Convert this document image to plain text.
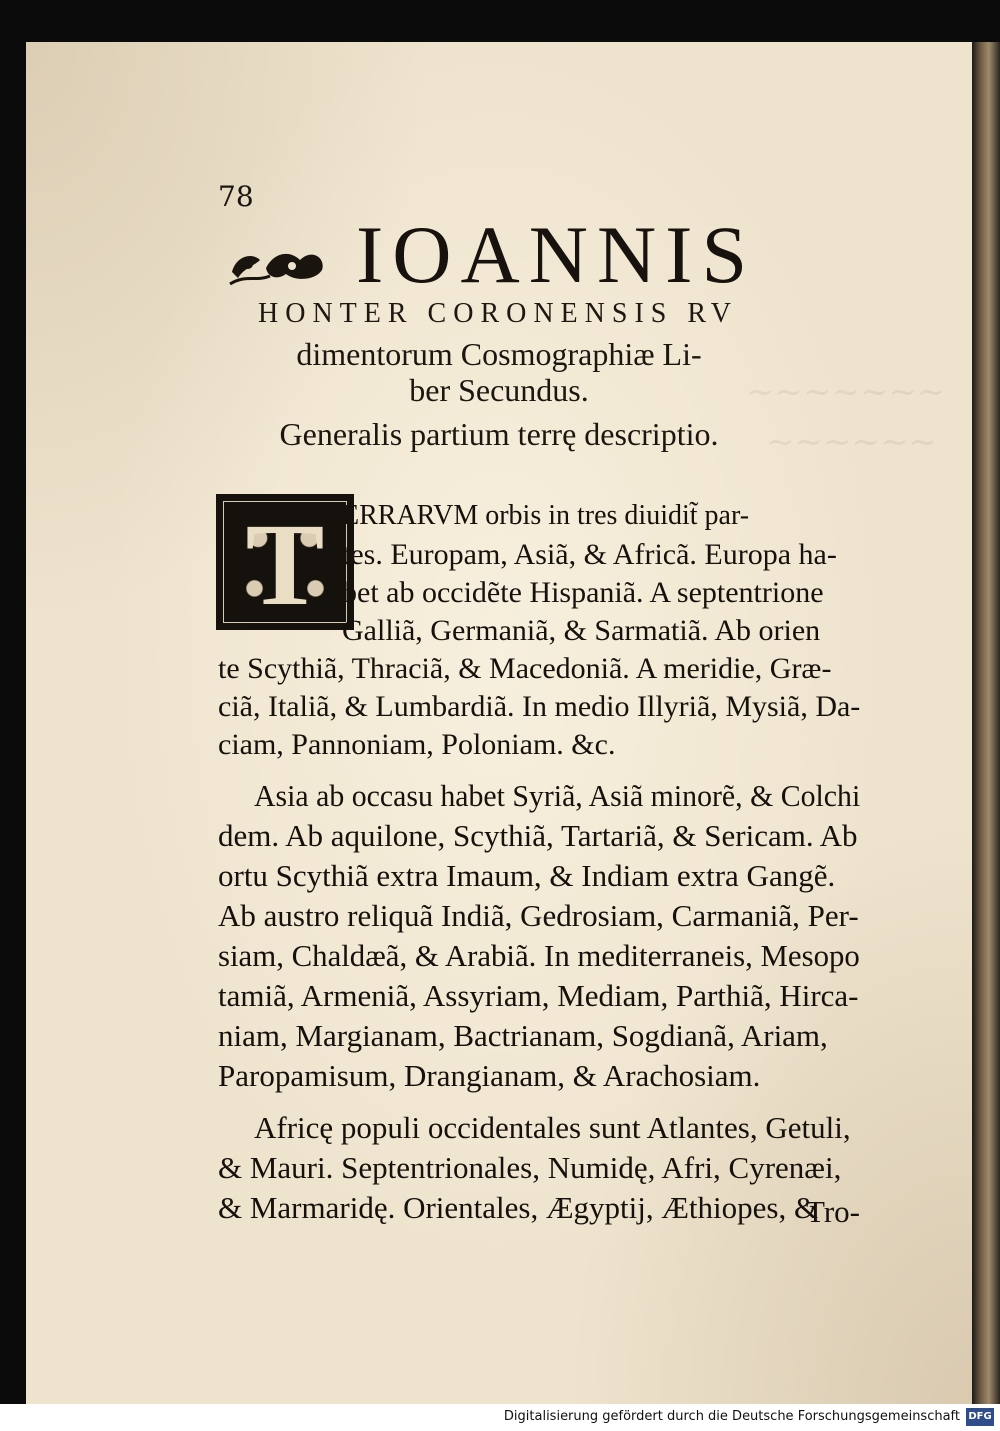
~~~~~~~
~~~~~~
78
IOANNIS
HONTER CORONENSIS RV
dimentorum Cosmographiæ Li-
ber Secundus.
Generalis partium terrę descriptio.
T ERRARVM orbis in tres diuidit̃ par-
tes. Europam, Asiã, & Africã. Europa ha-
bet ab occidẽte Hispaniã. A septentrione
Galliã, Germaniã, & Sarmatiã. Ab orien
te Scythiã, Thraciã, & Macedoniã. A meridie, Græ-
ciã, Italiã, & Lumbardiã. In medio Illyriã, Mysiã, Da-
ciam, Pannoniam, Poloniam. &c.
Asia ab occasu habet Syriã, Asiã minorẽ, & Colchi
dem. Ab aquilone, Scythiã, Tartariã, & Sericam. Ab
ortu Scythiã extra Imaum, & Indiam extra Gangẽ.
Ab austro reliquã Indiã, Gedrosiam, Carmaniã, Per-
siam, Chaldæã, & Arabiã. In mediterraneis, Mesopo
tamiã, Armeniã, Assyriam, Mediam, Parthiã, Hirca-
niam, Margianam, Bactrianam, Sogdianã, Ariam,
Paropamisum, Drangianam, & Arachosiam.
Africę populi occidentales sunt Atlantes, Getuli,
& Mauri. Septentrionales, Numidę, Afri, Cyrenæi,
& Marmaridę. Orientales, Ægyptij, Æthiopes, &
Tro-
Digitalisierung gefördert durch die Deutsche Forschungsgemeinschaft DFG
